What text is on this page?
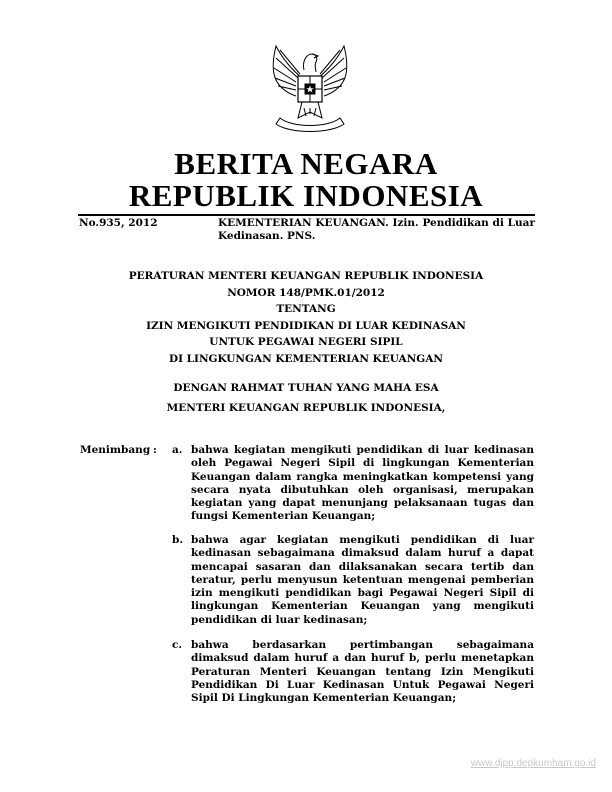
BERITA NEGARA
REPUBLIK INDONESIA
No.935, 2012	KEMENTERIAN KEUANGAN. Izin. Pendidikan di Luar Kedinasan. PNS.
PERATURAN MENTERI KEUANGAN REPUBLIK INDONESIA
NOMOR 148/PMK.01/2012
TENTANG
IZIN MENGIKUTI PENDIDIKAN DI LUAR KEDINASAN
UNTUK PEGAWAI NEGERI SIPIL
DI LINGKUNGAN KEMENTERIAN KEUANGAN
DENGAN RAHMAT TUHAN YANG MAHA ESA
MENTERI KEUANGAN REPUBLIK INDONESIA,
Menimbang : a. bahwa kegiatan mengikuti pendidikan di luar kedinasan oleh Pegawai Negeri Sipil di lingkungan Kementerian Keuangan dalam rangka meningkatkan kompetensi yang secara nyata dibutuhkan oleh organisasi, merupakan kegiatan yang dapat menunjang pelaksanaan tugas dan fungsi Kementerian Keuangan;
b. bahwa agar kegiatan mengikuti pendidikan di luar kedinasan sebagaimana dimaksud dalam huruf a dapat mencapai sasaran dan dilaksanakan secara tertib dan teratur, perlu menyusun ketentuan mengenai pemberian izin mengikuti pendidikan bagi Pegawai Negeri Sipil di lingkungan Kementerian Keuangan yang mengikuti pendidikan di luar kedinasan;
c. bahwa berdasarkan pertimbangan sebagaimana dimaksud dalam huruf a dan huruf b, perlu menetapkan Peraturan Menteri Keuangan tentang Izin Mengikuti Pendidikan Di Luar Kedinasan Untuk Pegawai Negeri Sipil Di Lingkungan Kementerian Keuangan;
www.djpp.depkumham.go.id
